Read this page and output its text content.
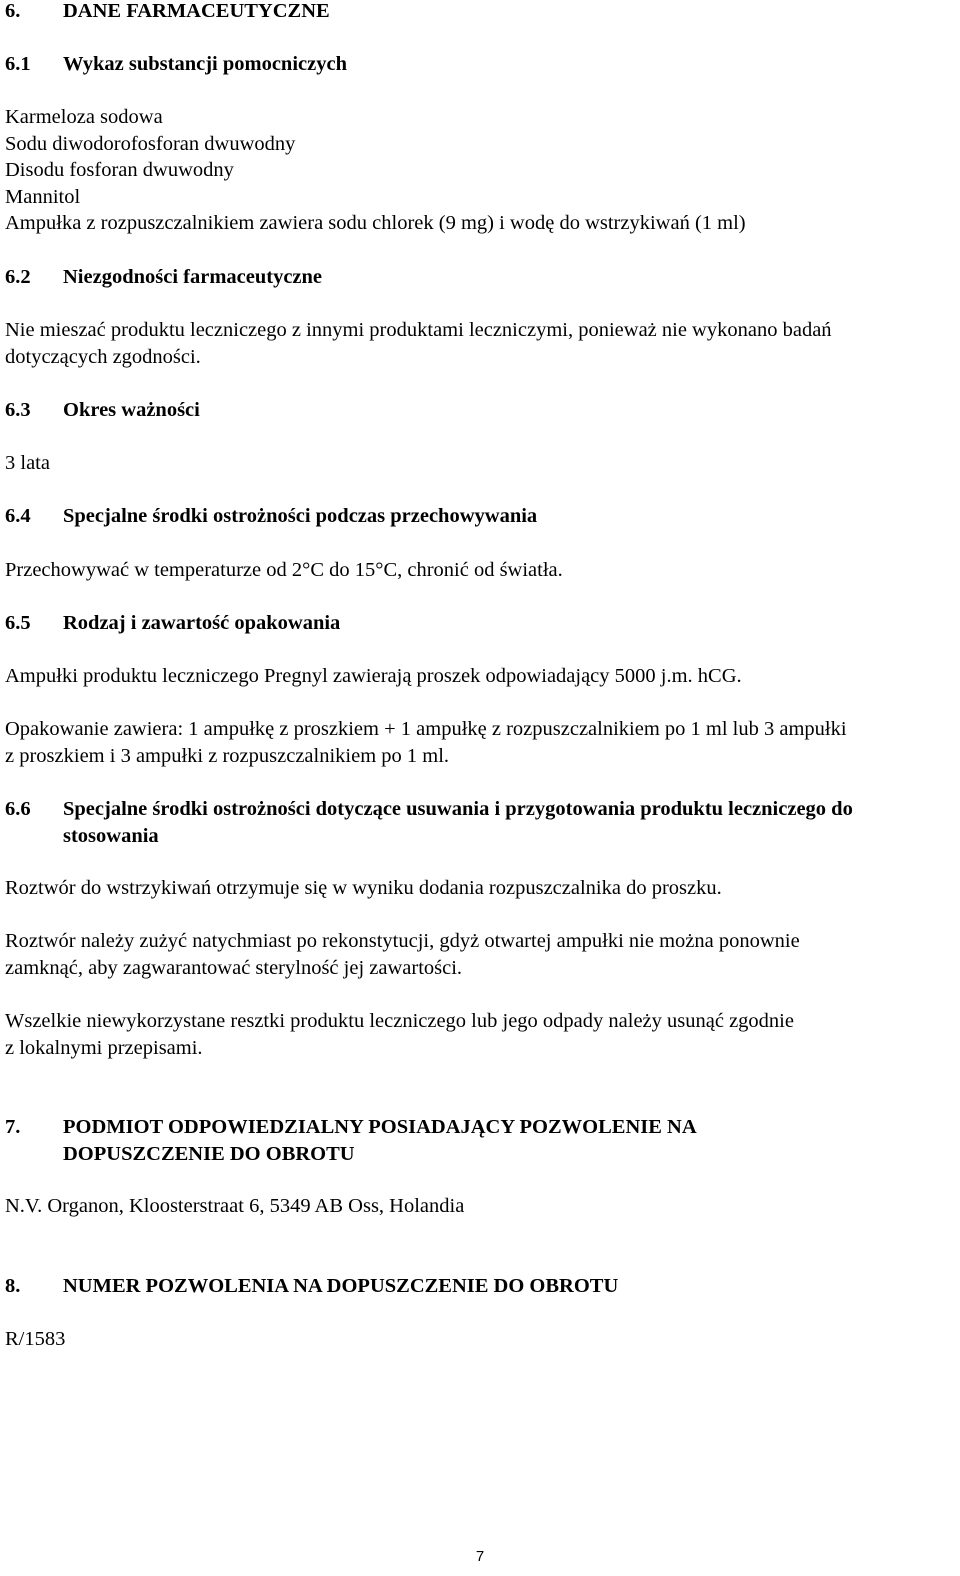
6.	DANE FARMACEUTYCZNE
6.1	Wykaz substancji pomocniczych
Karmeloza sodowa
Sodu diwodorofosforan dwuwodny
Disodu fosforan dwuwodny
Mannitol
Ampułka z rozpuszczalnikiem zawiera sodu chlorek (9 mg) i wodę do wstrzykiwań (1 ml)
6.2	Niezgodności farmaceutyczne
Nie mieszać produktu leczniczego z innymi produktami leczniczymi, ponieważ nie wykonano badań
dotyczących zgodności.
6.3	Okres ważności
3 lata
6.4	Specjalne środki ostrożności podczas przechowywania
Przechowywać w temperaturze od 2°C do 15°C, chronić od światła.
6.5	Rodzaj i zawartość opakowania
Ampułki produktu leczniczego Pregnyl zawierają proszek odpowiadający 5000 j.m. hCG.
Opakowanie zawiera: 1 ampułkę z proszkiem + 1 ampułkę z rozpuszczalnikiem po 1 ml lub 3 ampułki
z proszkiem i 3 ampułki z rozpuszczalnikiem po 1 ml.
6.6	Specjalne środki ostrożności dotyczące usuwania i przygotowania produktu leczniczego do
stosowania
Roztwór do wstrzykiwań otrzymuje się w wyniku dodania rozpuszczalnika do proszku.
Roztwór należy zużyć natychmiast po rekonstytucji, gdyż otwartej ampułki nie można ponownie
zamknąć, aby zagwarantować sterylność jej zawartości.
Wszelkie niewykorzystane resztki produktu leczniczego lub jego odpady należy usunąć zgodnie
z lokalnymi przepisami.
7.	PODMIOT ODPOWIEDZIALNY POSIADAJĄCY POZWOLENIE NA
DOPUSZCZENIE DO OBROTU
N.V. Organon, Kloosterstraat 6, 5349 AB Oss, Holandia
8.	NUMER POZWOLENIA NA DOPUSZCZENIE DO OBROTU
R/1583
7
